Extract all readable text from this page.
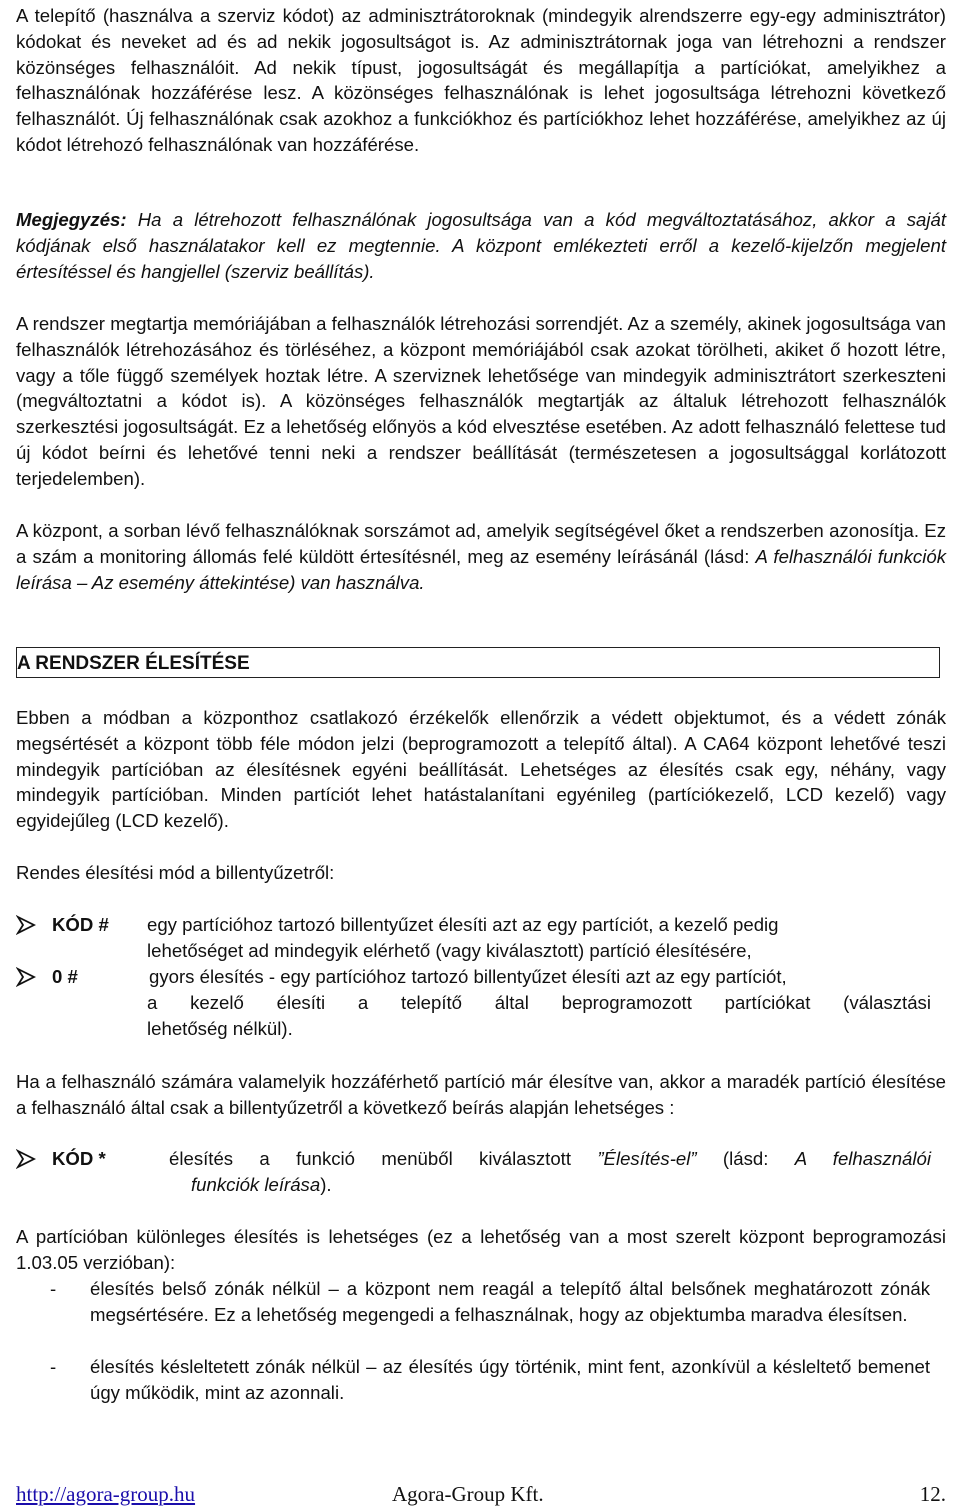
A telepítő (használva a szerviz kódot) az adminisztrátoroknak (mindegyik alrendszerre egy-egy adminisztrátor) kódokat és neveket ad és ad nekik jogosultságot is. Az adminisztrátornak joga van létrehozni a rendszer közönséges felhasználóit. Ad nekik típust, jogosultságát és megállapítja a partíciókat, amelyikhez a felhasználónak hozzáférése lesz. A közönséges felhasználónak is lehet jogosultsága létrehozni következő felhasználót. Új felhasználónak csak azokhoz a funkciókhoz és partíciókhoz lehet hozzáférése, amelyikhez az új kódot létrehozó felhasználónak van hozzáférése.

Megjegyzés: Ha a létrehozott felhasználónak jogosultsága van a kód megváltoztatásához, akkor a saját kódjának első használatakor kell ez megtennie. A központ emlékezteti erről a kezelő-kijelzőn megjelent értesítéssel és hangjellel (szerviz beállítás).

A rendszer megtartja memóriájában a felhasználók létrehozási sorrendjét. Az a személy, akinek jogosultsága van felhasználók létrehozásához és törléséhez, a központ memóriájából csak azokat törölheti, akiket ő hozott létre, vagy a tőle függő személyek hoztak létre. A szerviznek lehetősége van mindegyik adminisztrátort szerkeszteni (megváltoztatni a kódot is). A közönséges felhasználók megtartják az általuk létrehozott felhasználók szerkesztési jogosultságát. Ez a lehetőség előnyös a kód elvesztése esetében. Az adott felhasználó felettese tud új kódot beírni és lehetővé tenni neki a rendszer beállítását (természetesen a jogosultsággal korlátozott terjedelemben).

A központ, a sorban lévő felhasználóknak sorszámot ad, amelyik segítségével őket a rendszerben azonosítja. Ez a szám a monitoring állomás felé küldött értesítésnél, meg az esemény leírásánál (lásd: A felhasználói funkciók leírása – Az esemény áttekintése) van használva.

A RENDSZER ÉLESÍTÉSE

Ebben a módban a központhoz csatlakozó érzékelők ellenőrzik a védett objektumot, és a védett zónák megsértését a központ több féle módon jelzi (beprogramozott a telepítő által). A CA64 központ lehetővé teszi mindegyik partícióban az élesítésnek egyéni beállítását. Lehetséges az élesítés csak egy, néhány, vagy mindegyik partícióban. Minden partíciót lehet hatástalanítani egyénileg (partíciókezelő, LCD kezelő) vagy egyidejűleg (LCD kezelő).

Rendes élesítési mód a billentyűzetről:

KÓD # egy partícióhoz tartozó billentyűzet élesíti azt az egy partíciót, a kezelő pedig
lehetőséget ad mindegyik elérhető (vagy kiválasztott) partíció élesítésére,
0 #	gyors élesítés - egy partícióhoz tartozó billentyűzet élesíti azt az egy partíciót,
a kezelő élesíti a telepítő által beprogramozott partíciókat (választási
lehetőség nélkül).

Ha a felhasználó számára valamelyik hozzáférhető partíció már élesítve van, akkor a maradék partíció élesítése a felhasználó által csak a billentyűzetről a következő beírás alapján lehetséges :

KÓD *	élesítés a funkció menüből kiválasztott ”Élesítés-el” (lásd: A felhasználói
funkciók leírása).

A partícióban különleges élesítés is lehetséges (ez a lehetőség van a most szerelt központ beprogramozási 1.03.05 verzióban):

- élesítés belső zónák nélkül – a központ nem reagál a telepítő által belsőnek meghatározott zónák megsértésére. Ez a lehetőség megengedi a felhasználnak, hogy az objektumba maradva élesítsen.

- élesítés késleltetett zónák nélkül – az élesítés úgy történik, mint fent, azonkívül a késleltető bemenet úgy működik, mint az azonnali.

http://agora-group.hu	Agora-Group Kft.	12.
